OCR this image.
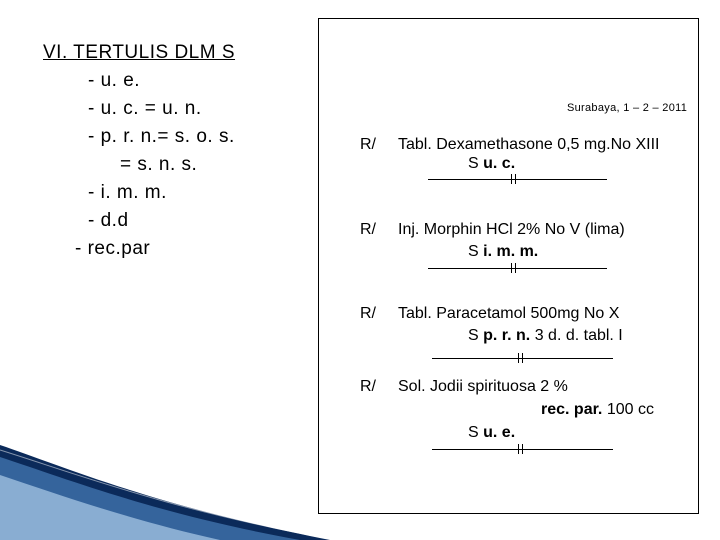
VI. TERTULIS DLM S
- u. e.
- u. c. = u. n.
- p. r. n.= s. o. s.
= s. n. s.
- i. m. m.
- d.d
- rec.par
Surabaya, 1 – 2 – 2011
R/ Tabl. Dexamethasone 0,5 mg.No XIII
S u. c.
R/ Inj. Morphin HCl 2% No V (lima)
S i. m. m.
R/ Tabl. Paracetamol 500mg No X
S p. r. n. 3 d. d. tabl. I
R/ Sol. Jodii spirituosa 2 %
rec. par. 100 cc
S u. e.
